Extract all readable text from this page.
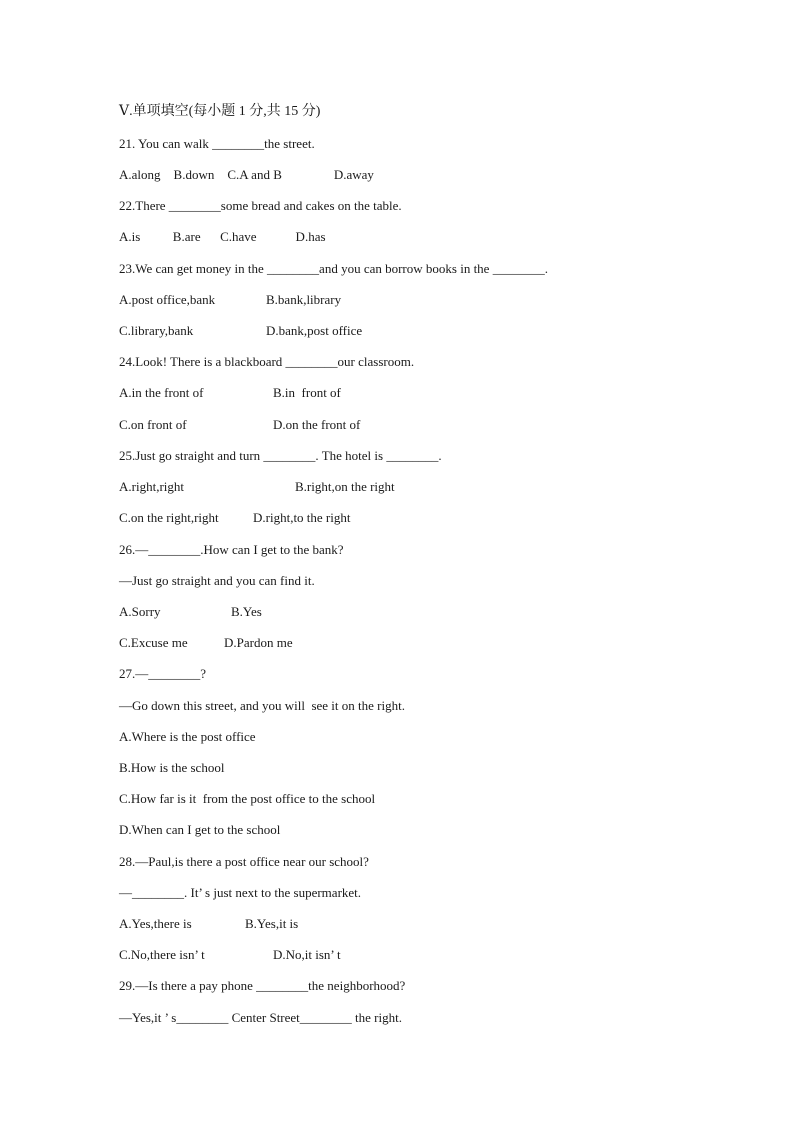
Ⅴ.单项填空(每小题 1 分,共 15 分)
21. You can walk ________the street.
A.along    B.down    C.A and B                D.away
22.There ________some bread and cakes on the table.
A.is          B.are      C.have            D.has
23.We can get money in the ________and you can borrow books in the ________.
A.post office,bank	B.bank,library
C.library,bank	D.bank,post office
24.Look! There is a blackboard ________our classroom.
A.in the front of	B.in  front of
C.on front of	D.on the front of
25.Just go straight and turn ________. The hotel is ________.
A.right,right	B.right,on the right
C.on the right,right	D.right,to the right
26.—________.How can I get to the bank?
—Just go straight and you can find it.
A.Sorry	B.Yes
C.Excuse me	D.Pardon me
27.—________?
—Go down this street, and you will  see it on the right.
A.Where is the post office
B.How is the school
C.How far is it  from the post office to the school
D.When can I get to the school
28.—Paul,is there a post office near our school?
—________. It’ s just next to the supermarket.
A.Yes,there is	B.Yes,it is
C.No,there isn’ t	D.No,it isn’ t
29.—Is there a pay phone ________the neighborhood?
—Yes,it ’ s________ Center Street________ the right.
